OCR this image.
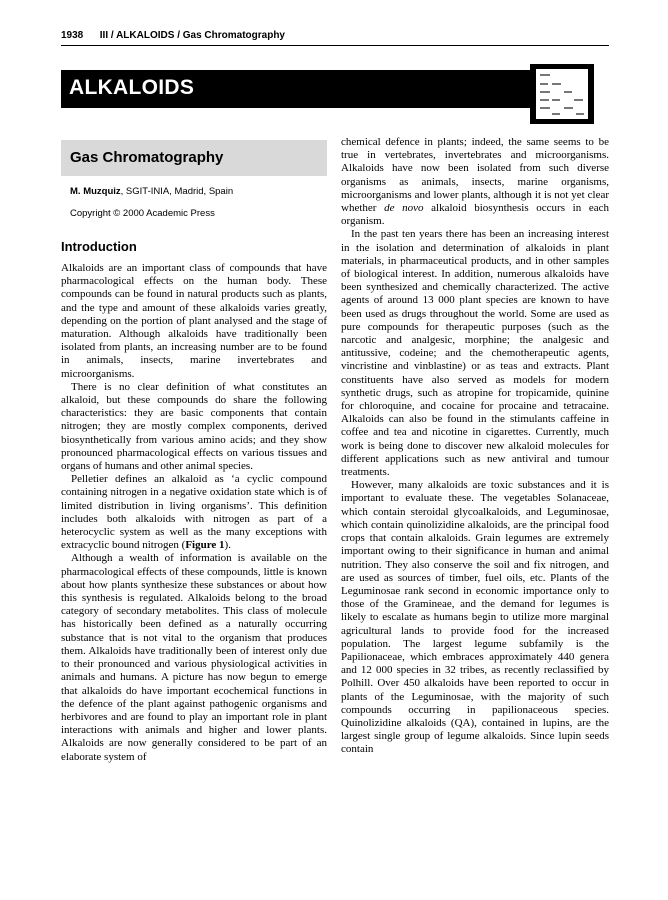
1938 III / ALKALOIDS / Gas Chromatography
ALKALOIDS
Gas Chromatography
M. Muzquiz, SGIT-INIA, Madrid, Spain
Copyright © 2000 Academic Press
Introduction

Alkaloids are an important class of compounds that have pharmacological effects on the human body. These compounds can be found in natural products such as plants, and the type and amount of these alkaloids varies greatly, depending on the portion of plant analysed and the stage of maturation. Although alkaloids have traditionally been isolated from plants, an increasing number are to be found in animals, insects, marine invertebrates and microorganisms.

There is no clear definition of what constitutes an alkaloid, but these compounds do share the following characteristics: they are basic components that contain nitrogen; they are mostly complex components, derived biosynthetically from various amino acids; and they show pronounced pharmacological effects on various tissues and organs of humans and other animal species.

Pelletier defines an alkaloid as ‘a cyclic compound containing nitrogen in a negative oxidation state which is of limited distribution in living organisms’. This definition includes both alkaloids with nitrogen as part of a heterocyclic system as well as the many exceptions with extracyclic bound nitrogen (Figure 1).

Although a wealth of information is available on the pharmacological effects of these compounds, little is known about how plants synthesize these substances or about how this synthesis is regulated. Alkaloids belong to the broad category of secondary metabolites. This class of molecule has historically been defined as a naturally occurring substance that is not vital to the organism that produces them. Alkaloids have traditionally been of interest only due to their pronounced and various physiological activities in animals and humans. A picture has now begun to emerge that alkaloids do have important ecochemical functions in the defence of the plant against pathogenic organisms and herbivores and are found to play an important role in plant interactions with animals and higher and lower plants. Alkaloids are now generally considered to be part of an elaborate system of

chemical defence in plants; indeed, the same seems to be true in vertebrates, invertebrates and microorganisms. Alkaloids have now been isolated from such diverse organisms as animals, insects, marine organisms, microorganisms and lower plants, although it is not yet clear whether de novo alkaloid biosynthesis occurs in each organism.

In the past ten years there has been an increasing interest in the isolation and determination of alkaloids in plant materials, in pharmaceutical products, and in other samples of biological interest. In addition, numerous alkaloids have been synthesized and chemically characterized. The active agents of around 13 000 plant species are known to have been used as drugs throughout the world. Some are used as pure compounds for therapeutic purposes (such as the narcotic and analgesic, morphine; the analgesic and antitussive, codeine; and the chemotherapeutic agents, vincristine and vinblastine) or as teas and extracts. Plant constituents have also served as models for modern synthetic drugs, such as atropine for tropicamide, quinine for chloroquine, and cocaine for procaine and tetracaine. Alkaloids can also be found in the stimulants caffeine in coffee and tea and nicotine in cigarettes. Currently, much work is being done to discover new alkaloid molecules for different applications such as new antiviral and tumour treatments.

However, many alkaloids are toxic substances and it is important to evaluate these. The vegetables Solanaceae, which contain steroidal glycoalkaloids, and Leguminosae, which contain quinolizidine alkaloids, are the principal food crops that contain alkaloids. Grain legumes are extremely important owing to their significance in human and animal nutrition. They also conserve the soil and fix nitrogen, and are used as sources of timber, fuel oils, etc. Plants of the Leguminosae rank second in economic importance only to those of the Gramineae, and the demand for legumes is likely to escalate as humans begin to utilize more marginal agricultural lands to provide food for the increased population. The largest legume subfamily is the Papilionaceae, which embraces approximately 440 genera and 12 000 species in 32 tribes, as recently reclassified by Polhill. Over 450 alkaloids have been reported to occur in plants of the Leguminosae, with the majority of such compounds occurring in papilionaceous species. Quinolizidine alkaloids (QA), contained in lupins, are the largest single group of legume alkaloids. Since lupin seeds contain
